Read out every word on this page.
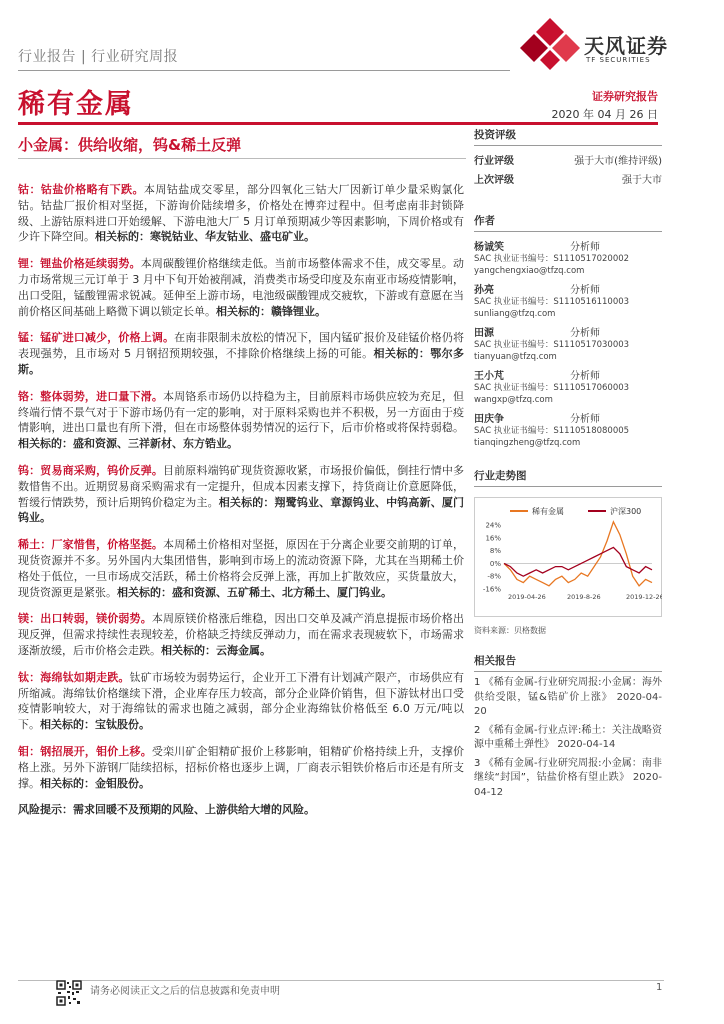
行业报告 | 行业研究周报	天风证券
TF SECURITIES
稀有金属	证券研究报告
2020 年 04 月 26 日
小金属：供给收缩，钨&稀土反弹

钴：钴盐价格略有下跌。本周钴盐成交零星，部分四氧化三钴大厂因新订单少量采购氯化钴。钴盐厂报价相对坚挺，下游询价陆续增多，价格处在博弈过程中。但考虑南非封锁降级、上游钴原料进口开始缓解、下游电池大厂 5 月订单预期减少等因素影响，下周价格或有少许下降空间。相关标的：寒锐钴业、华友钴业、盛屯矿业。

锂：锂盐价格延续弱势。本周碳酸锂价格继续走低。当前市场整体需求不佳，成交零星。动力市场常规三元订单于 3 月中下旬开始被削减，消费类市场受印度及东南亚市场疫情影响，出口受阻，锰酸锂需求锐减。延伸至上游市场，电池级碳酸锂成交疲软，下游或有意愿在当前价格区间基础上略微下调以锁定长单。相关标的：赣锋锂业。

锰：锰矿进口减少，价格上调。在南非限制未放松的情况下，国内锰矿报价及硅锰价格仍将表现强势，且市场对 5 月钢招预期较强，不排除价格继续上扬的可能。相关标的：鄂尔多斯。

铬：整体弱势，进口量下滑。本周铬系市场仍以持稳为主，目前原料市场供应较为充足，但终端行情不景气对于下游市场仍有一定的影响，对于原料采购也并不积极，另一方面由于疫情影响，进出口量也有所下滑，但在市场整体弱势情况的运行下，后市价格或将保持弱稳。相关标的：盛和资源、三祥新材、东方锆业。

钨：贸易商采购，钨价反弹。目前原料端钨矿现货资源收紧，市场报价偏低，倒挂行情中多数惜售不出。近期贸易商采购需求有一定提升，但成本因素支撑下，持货商让价意愿降低，暂缓行情跌势，预计后期钨价稳定为主。相关标的：翔鹭钨业、章源钨业、中钨高新、厦门钨业。

稀土：厂家惜售，价格坚挺。本周稀土价格相对坚挺，原因在于分离企业要交前期的订单，现货资源并不多。另外国内大集团惜售，影响到市场上的流动资源下降，尤其在当期稀土价格处于低位，一旦市场成交活跃，稀土价格将会反弹上涨，再加上扩散效应，买货量放大，现货资源更是紧张。相关标的：盛和资源、五矿稀土、北方稀土、厦门钨业。

镁：出口转弱，镁价弱势。本周原镁价格涨后维稳，因出口交单及减产消息提振市场价格出现反弹，但需求持续性表现较差，价格缺乏持续反弹动力，而在需求表现疲软下，市场需求逐渐放缓，后市价格会走跌。相关标的：云海金属。

钛：海绵钛如期走跌。钛矿市场较为弱势运行，企业开工下滑有计划减产限产，市场供应有所缩减。海绵钛价格继续下滑，企业库存压力较高，部分企业降价销售，但下游钛材出口受疫情影响较大，对于海绵钛的需求也随之减弱，部分企业海绵钛价格低至 6.0 万元/吨以下。相关标的：宝钛股份。

钼：钢招展开，钼价上移。受栾川矿企钼精矿报价上移影响，钼精矿价格持续上升，支撑价格上涨。另外下游钢厂陆续招标，招标价格也逐步上调，厂商表示钼铁价格后市还是有所支撑。相关标的：金钼股份。

风险提示：需求回暖不及预期的风险、上游供给大增的风险。

投资评级
行业评级	强于大市(维持评级)
上次评级	强于大市
作者
杨诚笑	分析师
SAC 执业证书编号：S1110517020002
yangchengxiao@tfzq.com
孙亮	分析师
SAC 执业证书编号：S1110516110003
sunliang@tfzq.com
田源	分析师
SAC 执业证书编号：S1110517030003
tianyuan@tfzq.com
王小芃	分析师
SAC 执业证书编号：S1110517060003
wangxp@tfzq.com
田庆争	分析师
SAC 执业证书编号：S1110518080005
tianqingzheng@tfzq.com
行业走势图
稀有金属	沪深300
24%
16%
8%
0%
-8%
-16%
2019-04-26	2019-8-26	2019-12-26
资料来源：贝格数据
相关报告
1 《稀有金属-行业研究周报:小金属：海外供给受限，锰&锆矿价上涨》 2020-04-20
2 《稀有金属-行业点评:稀土：关注战略资源中重稀土弹性》 2020-04-14
3 《稀有金属-行业研究周报:小金属：南非继续“封国”，钴盐价格有望止跌》 2020-04-12
请务必阅读正文之后的信息披露和免责申明	1
